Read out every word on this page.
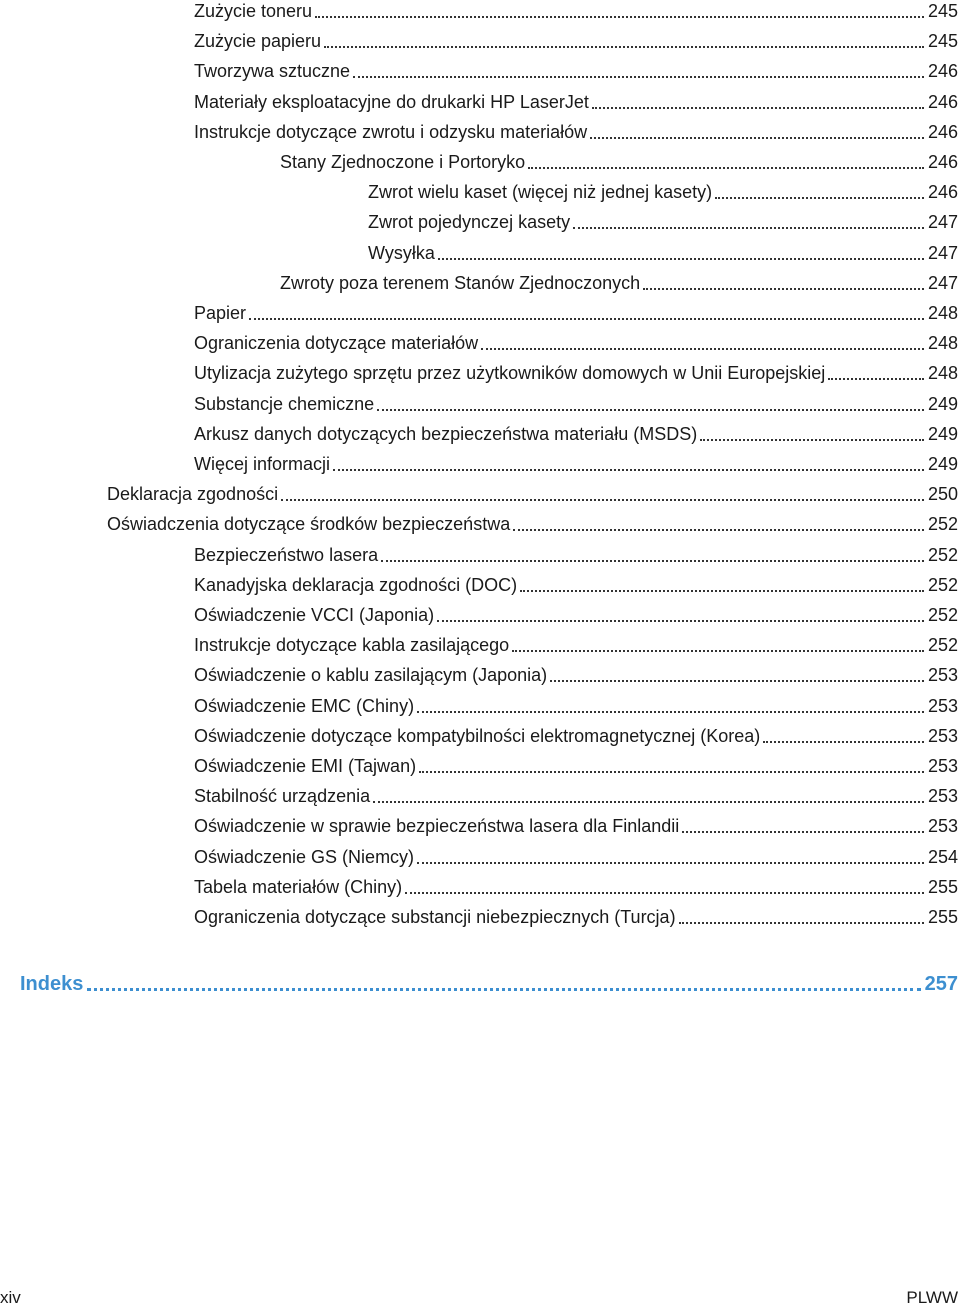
Zużycie toneru	245
Zużycie papieru	245
Tworzywa sztuczne	246
Materiały eksploatacyjne do drukarki HP LaserJet	246
Instrukcje dotyczące zwrotu i odzysku materiałów	246
Stany Zjednoczone i Portoryko	246
Zwrot wielu kaset (więcej niż jednej kasety)	246
Zwrot pojedynczej kasety	247
Wysyłka	247
Zwroty poza terenem Stanów Zjednoczonych	247
Papier	248
Ograniczenia dotyczące materiałów	248
Utylizacja zużytego sprzętu przez użytkowników domowych w Unii Europejskiej	248
Substancje chemiczne	249
Arkusz danych dotyczących bezpieczeństwa materiału (MSDS)	249
Więcej informacji	249
Deklaracja zgodności	250
Oświadczenia dotyczące środków bezpieczeństwa	252
Bezpieczeństwo lasera	252
Kanadyjska deklaracja zgodności (DOC)	252
Oświadczenie VCCI (Japonia)	252
Instrukcje dotyczące kabla zasilającego	252
Oświadczenie o kablu zasilającym (Japonia)	253
Oświadczenie EMC (Chiny)	253
Oświadczenie dotyczące kompatybilności elektromagnetycznej (Korea)	253
Oświadczenie EMI (Tajwan)	253
Stabilność urządzenia	253
Oświadczenie w sprawie bezpieczeństwa lasera dla Finlandii	253
Oświadczenie GS (Niemcy)	254
Tabela materiałów (Chiny)	255
Ograniczenia dotyczące substancji niebezpiecznych (Turcja)	255
Indeks	257
xiv	PLWW
